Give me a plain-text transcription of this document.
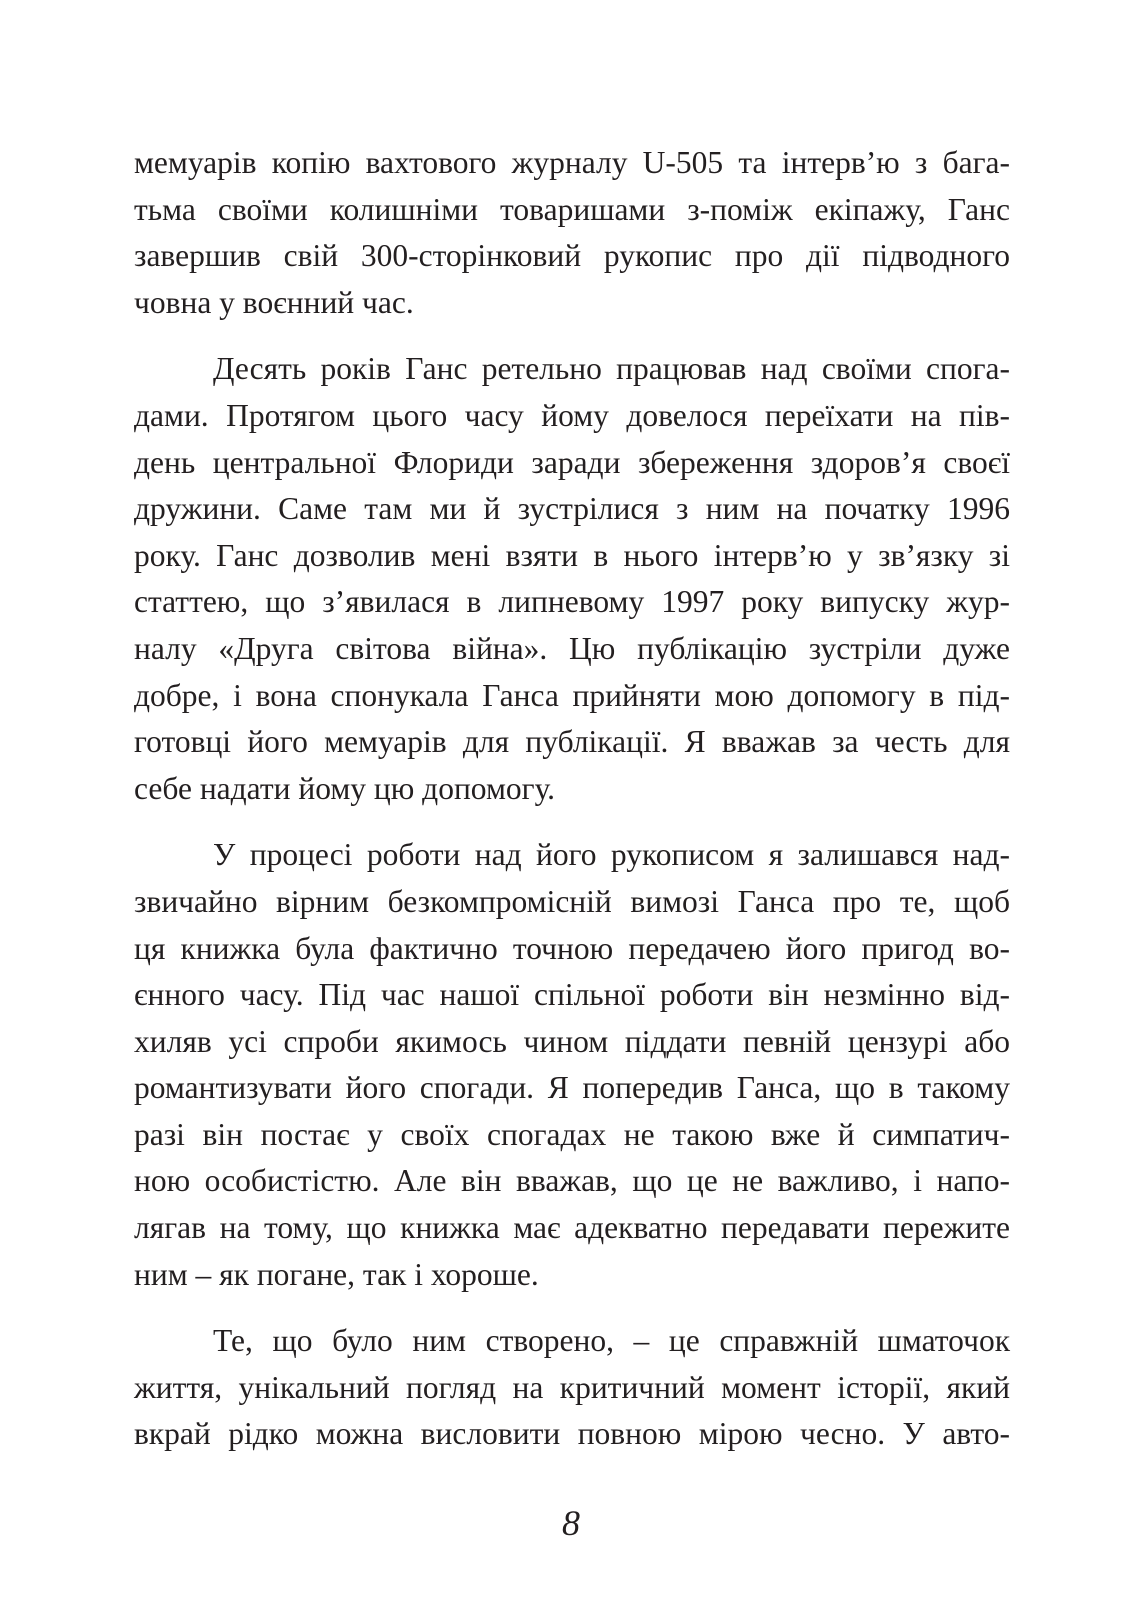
мемуарів копію вахтового журналу U-505 та інтерв’ю з бага-
тьма своїми колишніми товаришами з-поміж екіпажу, Ганс
завершив свій 300-сторінковий рукопис про дії підводного
човна у воєнний час.

Десять років Ганс ретельно працював над своїми спога-
дами. Протягом цього часу йому довелося переїхати на пів-
день центральної Флориди заради збереження здоров’я своєї
дружини. Саме там ми й зустрілися з ним на початку 1996
року. Ганс дозволив мені взяти в нього інтерв’ю у зв’язку зі
статтею, що з’явилася в липневому 1997 року випуску жур-
налу «Друга світова війна». Цю публікацію зустріли дуже
добре, і вона спонукала Ганса прийняти мою допомогу в під-
готовці його мемуарів для публікації. Я вважав за честь для
себе надати йому цю допомогу.

У процесі роботи над його рукописом я залишався над-
звичайно вірним безкомпромісній вимозі Ганса про те, щоб
ця книжка була фактично точною передачею його пригод во-
єнного часу. Під час нашої спільної роботи він незмінно від-
хиляв усі спроби якимось чином піддати певній цензурі або
романтизувати його спогади. Я попередив Ганса, що в такому
разі він постає у своїх спогадах не такою вже й симпатич-
ною особистістю. Але він вважав, що це не важливо, і напо-
лягав на тому, що книжка має адекватно передавати пережите
ним – як погане, так і хороше.

Те, що було ним створено, – це справжній шматочок
життя, унікальний погляд на критичний момент історії, який
вкрай рідко можна висловити повною мірою чесно. У авто-

8
